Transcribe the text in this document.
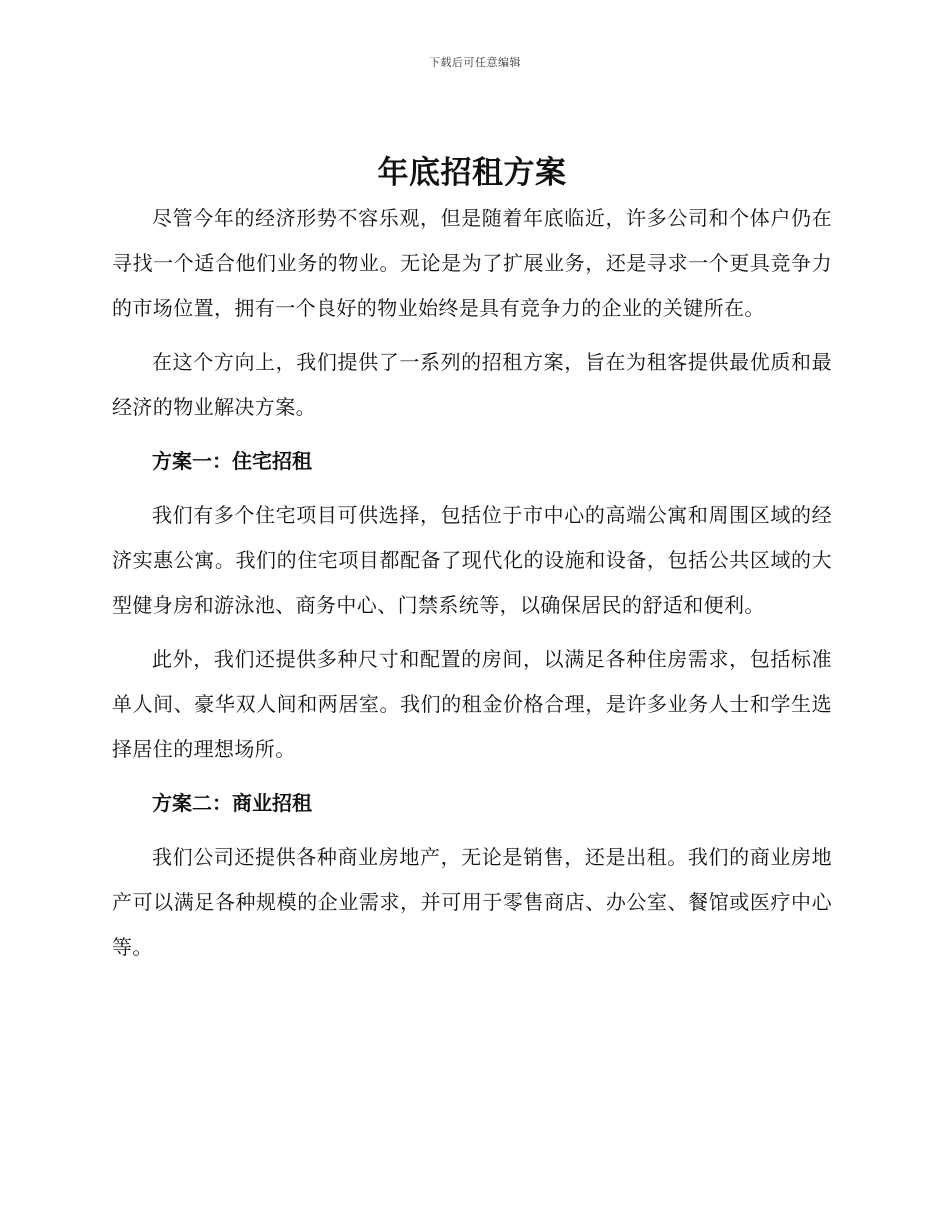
下载后可任意编辑
年底招租方案

尽管今年的经济形势不容乐观，但是随着年底临近，许多公司和个体户仍在寻找一个适合他们业务的物业。无论是为了扩展业务，还是寻求一个更具竞争力的市场位置，拥有一个良好的物业始终是具有竞争力的企业的关键所在。

在这个方向上，我们提供了一系列的招租方案，旨在为租客提供最优质和最经济的物业解决方案。

方案一：住宅招租

我们有多个住宅项目可供选择，包括位于市中心的高端公寓和周围区域的经济实惠公寓。我们的住宅项目都配备了现代化的设施和设备，包括公共区域的大型健身房和游泳池、商务中心、门禁系统等，以确保居民的舒适和便利。

此外，我们还提供多种尺寸和配置的房间，以满足各种住房需求，包括标准单人间、豪华双人间和两居室。我们的租金价格合理，是许多业务人士和学生选择居住的理想场所。

方案二：商业招租

我们公司还提供各种商业房地产，无论是销售，还是出租。我们的商业房地产可以满足各种规模的企业需求，并可用于零售商店、办公室、餐馆或医疗中心等。
